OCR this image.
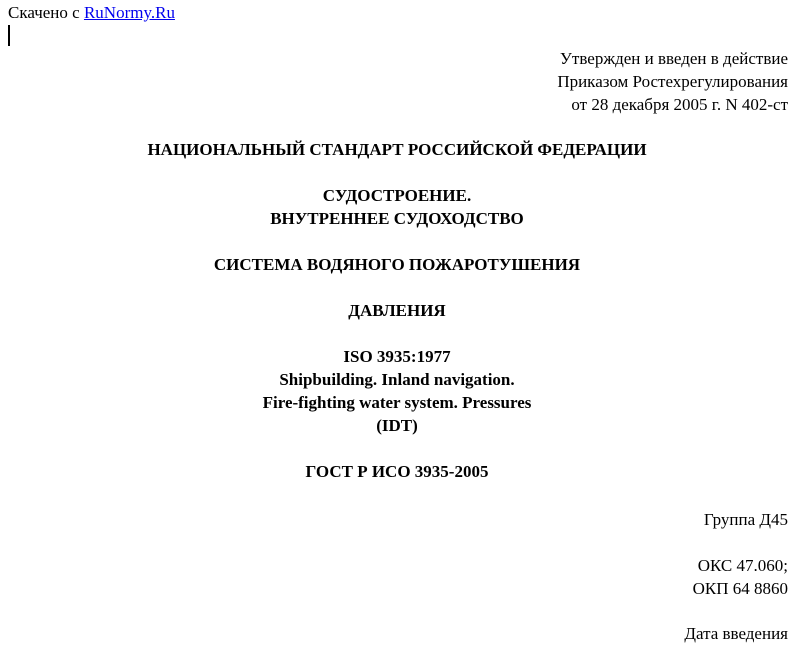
Скачено с RuNormy.Ru
Утвержден и введен в действие
Приказом Ростехрегулирования
от 28 декабря 2005 г. N 402-ст
НАЦИОНАЛЬНЫЙ СТАНДАРТ РОССИЙСКОЙ ФЕДЕРАЦИИ
СУДОСТРОЕНИЕ.
ВНУТРЕННЕЕ СУДОХОДСТВО
СИСТЕМА ВОДЯНОГО ПОЖАРОТУШЕНИЯ
ДАВЛЕНИЯ
ISO 3935:1977
Shipbuilding. Inland navigation.
Fire-fighting water system. Pressures
(IDT)
ГОСТ Р ИСО 3935-2005
Группа Д45
ОКС 47.060;
ОКП 64 8860
Дата введения
